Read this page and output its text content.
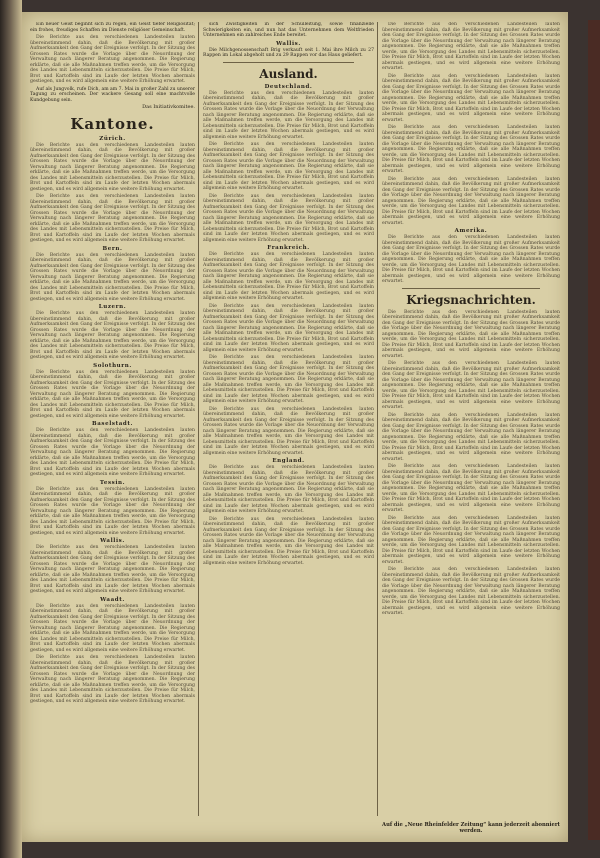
Ein neuer Geist beginnt sich zu regen, ein Geist tiefer Religiosität; ein frohes, freudiges Schaffen im Dienste religiöser Gemeinschaft.

Die Berichte aus den verschiedenen Landesteilen lauten übereinstimmend dahin, daß die Bevölkerung mit großer Aufmerksamkeit den Gang der Ereignisse verfolgt. In der Sitzung des Grossen Rates wurde die Vorlage über die Neuordnung der Verwaltung nach längerer Beratung angenommen. Die Regierung erklärte, daß sie alle Maßnahmen treffen werde, um die Versorgung des Landes mit Lebensmitteln sicherzustellen. Die Preise für Milch, Brot und Kartoffeln sind im Laufe der letzten Wochen abermals gestiegen, und es wird allgemein eine weitere Erhöhung erwartet.

Auf als Jungvolk, rufe Dich, am am 7. Mai in großer Zahl zu unserer Tagung zu erscheinen. Der wackere Gesang soll eine machtvolle Kundgebung sein.

Das Initiativkomitee.
Kantone.
Zürich.

Die Berichte aus den verschiedenen Landesteilen lauten übereinstimmend dahin, daß die Bevölkerung mit großer Aufmerksamkeit den Gang der Ereignisse verfolgt. In der Sitzung des Grossen Rates wurde die Vorlage über die Neuordnung der Verwaltung nach längerer Beratung angenommen. Die Regierung erklärte, daß sie alle Maßnahmen treffen werde, um die Versorgung des Landes mit Lebensmitteln sicherzustellen. Die Preise für Milch, Brot und Kartoffeln sind im Laufe der letzten Wochen abermals gestiegen, und es wird allgemein eine weitere Erhöhung erwartet.

Die Berichte aus den verschiedenen Landesteilen lauten übereinstimmend dahin, daß die Bevölkerung mit großer Aufmerksamkeit den Gang der Ereignisse verfolgt. In der Sitzung des Grossen Rates wurde die Vorlage über die Neuordnung der Verwaltung nach längerer Beratung angenommen. Die Regierung erklärte, daß sie alle Maßnahmen treffen werde, um die Versorgung des Landes mit Lebensmitteln sicherzustellen. Die Preise für Milch, Brot und Kartoffeln sind im Laufe der letzten Wochen abermals gestiegen, und es wird allgemein eine weitere Erhöhung erwartet.

Bern.

Die Berichte aus den verschiedenen Landesteilen lauten übereinstimmend dahin, daß die Bevölkerung mit großer Aufmerksamkeit den Gang der Ereignisse verfolgt. In der Sitzung des Grossen Rates wurde die Vorlage über die Neuordnung der Verwaltung nach längerer Beratung angenommen. Die Regierung erklärte, daß sie alle Maßnahmen treffen werde, um die Versorgung des Landes mit Lebensmitteln sicherzustellen. Die Preise für Milch, Brot und Kartoffeln sind im Laufe der letzten Wochen abermals gestiegen, und es wird allgemein eine weitere Erhöhung erwartet.

Luzern.

Die Berichte aus den verschiedenen Landesteilen lauten übereinstimmend dahin, daß die Bevölkerung mit großer Aufmerksamkeit den Gang der Ereignisse verfolgt. In der Sitzung des Grossen Rates wurde die Vorlage über die Neuordnung der Verwaltung nach längerer Beratung angenommen. Die Regierung erklärte, daß sie alle Maßnahmen treffen werde, um die Versorgung des Landes mit Lebensmitteln sicherzustellen. Die Preise für Milch, Brot und Kartoffeln sind im Laufe der letzten Wochen abermals gestiegen, und es wird allgemein eine weitere Erhöhung erwartet.

Solothurn.

Die Berichte aus den verschiedenen Landesteilen lauten übereinstimmend dahin, daß die Bevölkerung mit großer Aufmerksamkeit den Gang der Ereignisse verfolgt. In der Sitzung des Grossen Rates wurde die Vorlage über die Neuordnung der Verwaltung nach längerer Beratung angenommen. Die Regierung erklärte, daß sie alle Maßnahmen treffen werde, um die Versorgung des Landes mit Lebensmitteln sicherzustellen. Die Preise für Milch, Brot und Kartoffeln sind im Laufe der letzten Wochen abermals gestiegen, und es wird allgemein eine weitere Erhöhung erwartet.

Baselstadt.

Die Berichte aus den verschiedenen Landesteilen lauten übereinstimmend dahin, daß die Bevölkerung mit großer Aufmerksamkeit den Gang der Ereignisse verfolgt. In der Sitzung des Grossen Rates wurde die Vorlage über die Neuordnung der Verwaltung nach längerer Beratung angenommen. Die Regierung erklärte, daß sie alle Maßnahmen treffen werde, um die Versorgung des Landes mit Lebensmitteln sicherzustellen. Die Preise für Milch, Brot und Kartoffeln sind im Laufe der letzten Wochen abermals gestiegen, und es wird allgemein eine weitere Erhöhung erwartet.

Tessin.

Die Berichte aus den verschiedenen Landesteilen lauten übereinstimmend dahin, daß die Bevölkerung mit großer Aufmerksamkeit den Gang der Ereignisse verfolgt. In der Sitzung des Grossen Rates wurde die Vorlage über die Neuordnung der Verwaltung nach längerer Beratung angenommen. Die Regierung erklärte, daß sie alle Maßnahmen treffen werde, um die Versorgung des Landes mit Lebensmitteln sicherzustellen. Die Preise für Milch, Brot und Kartoffeln sind im Laufe der letzten Wochen abermals gestiegen, und es wird allgemein eine weitere Erhöhung erwartet.

Wallis.

Die Berichte aus den verschiedenen Landesteilen lauten übereinstimmend dahin, daß die Bevölkerung mit großer Aufmerksamkeit den Gang der Ereignisse verfolgt. In der Sitzung des Grossen Rates wurde die Vorlage über die Neuordnung der Verwaltung nach längerer Beratung angenommen. Die Regierung erklärte, daß sie alle Maßnahmen treffen werde, um die Versorgung des Landes mit Lebensmitteln sicherzustellen. Die Preise für Milch, Brot und Kartoffeln sind im Laufe der letzten Wochen abermals gestiegen, und es wird allgemein eine weitere Erhöhung erwartet.

Waadt.

Die Berichte aus den verschiedenen Landesteilen lauten übereinstimmend dahin, daß die Bevölkerung mit großer Aufmerksamkeit den Gang der Ereignisse verfolgt. In der Sitzung des Grossen Rates wurde die Vorlage über die Neuordnung der Verwaltung nach längerer Beratung angenommen. Die Regierung erklärte, daß sie alle Maßnahmen treffen werde, um die Versorgung des Landes mit Lebensmitteln sicherzustellen. Die Preise für Milch, Brot und Kartoffeln sind im Laufe der letzten Wochen abermals gestiegen, und es wird allgemein eine weitere Erhöhung erwartet.

Die Berichte aus den verschiedenen Landesteilen lauten übereinstimmend dahin, daß die Bevölkerung mit großer Aufmerksamkeit den Gang der Ereignisse verfolgt. In der Sitzung des Grossen Rates wurde die Vorlage über die Neuordnung der Verwaltung nach längerer Beratung angenommen. Die Regierung erklärte, daß sie alle Maßnahmen treffen werde, um die Versorgung des Landes mit Lebensmitteln sicherzustellen. Die Preise für Milch, Brot und Kartoffeln sind im Laufe der letzten Wochen abermals gestiegen, und es wird allgemein eine weitere Erhöhung erwartet.

sich Zwistigkeiten in der Schulleitung, sowie finanzielle Schwierigkeiten ein, und nun hat das Unternehmen dem Weltfrieden Unternehmen ein zahlreiches Ende bereitet.

Wallis.

Die Milchgenossenschaft Brig verkauft seit 1. Mai ihre Milch zu 27 Rappen im Lokal abgeholt und zu 29 Rappen vor das Haus geliefert.

Ausland.
Deutschland.

Die Berichte aus den verschiedenen Landesteilen lauten übereinstimmend dahin, daß die Bevölkerung mit großer Aufmerksamkeit den Gang der Ereignisse verfolgt. In der Sitzung des Grossen Rates wurde die Vorlage über die Neuordnung der Verwaltung nach längerer Beratung angenommen. Die Regierung erklärte, daß sie alle Maßnahmen treffen werde, um die Versorgung des Landes mit Lebensmitteln sicherzustellen. Die Preise für Milch, Brot und Kartoffeln sind im Laufe der letzten Wochen abermals gestiegen, und es wird allgemein eine weitere Erhöhung erwartet.

Die Berichte aus den verschiedenen Landesteilen lauten übereinstimmend dahin, daß die Bevölkerung mit großer Aufmerksamkeit den Gang der Ereignisse verfolgt. In der Sitzung des Grossen Rates wurde die Vorlage über die Neuordnung der Verwaltung nach längerer Beratung angenommen. Die Regierung erklärte, daß sie alle Maßnahmen treffen werde, um die Versorgung des Landes mit Lebensmitteln sicherzustellen. Die Preise für Milch, Brot und Kartoffeln sind im Laufe der letzten Wochen abermals gestiegen, und es wird allgemein eine weitere Erhöhung erwartet.

Die Berichte aus den verschiedenen Landesteilen lauten übereinstimmend dahin, daß die Bevölkerung mit großer Aufmerksamkeit den Gang der Ereignisse verfolgt. In der Sitzung des Grossen Rates wurde die Vorlage über die Neuordnung der Verwaltung nach längerer Beratung angenommen. Die Regierung erklärte, daß sie alle Maßnahmen treffen werde, um die Versorgung des Landes mit Lebensmitteln sicherzustellen. Die Preise für Milch, Brot und Kartoffeln sind im Laufe der letzten Wochen abermals gestiegen, und es wird allgemein eine weitere Erhöhung erwartet.

Frankreich.

Die Berichte aus den verschiedenen Landesteilen lauten übereinstimmend dahin, daß die Bevölkerung mit großer Aufmerksamkeit den Gang der Ereignisse verfolgt. In der Sitzung des Grossen Rates wurde die Vorlage über die Neuordnung der Verwaltung nach längerer Beratung angenommen. Die Regierung erklärte, daß sie alle Maßnahmen treffen werde, um die Versorgung des Landes mit Lebensmitteln sicherzustellen. Die Preise für Milch, Brot und Kartoffeln sind im Laufe der letzten Wochen abermals gestiegen, und es wird allgemein eine weitere Erhöhung erwartet.

Die Berichte aus den verschiedenen Landesteilen lauten übereinstimmend dahin, daß die Bevölkerung mit großer Aufmerksamkeit den Gang der Ereignisse verfolgt. In der Sitzung des Grossen Rates wurde die Vorlage über die Neuordnung der Verwaltung nach längerer Beratung angenommen. Die Regierung erklärte, daß sie alle Maßnahmen treffen werde, um die Versorgung des Landes mit Lebensmitteln sicherzustellen. Die Preise für Milch, Brot und Kartoffeln sind im Laufe der letzten Wochen abermals gestiegen, und es wird allgemein eine weitere Erhöhung erwartet.

Die Berichte aus den verschiedenen Landesteilen lauten übereinstimmend dahin, daß die Bevölkerung mit großer Aufmerksamkeit den Gang der Ereignisse verfolgt. In der Sitzung des Grossen Rates wurde die Vorlage über die Neuordnung der Verwaltung nach längerer Beratung angenommen. Die Regierung erklärte, daß sie alle Maßnahmen treffen werde, um die Versorgung des Landes mit Lebensmitteln sicherzustellen. Die Preise für Milch, Brot und Kartoffeln sind im Laufe der letzten Wochen abermals gestiegen, und es wird allgemein eine weitere Erhöhung erwartet.

Die Berichte aus den verschiedenen Landesteilen lauten übereinstimmend dahin, daß die Bevölkerung mit großer Aufmerksamkeit den Gang der Ereignisse verfolgt. In der Sitzung des Grossen Rates wurde die Vorlage über die Neuordnung der Verwaltung nach längerer Beratung angenommen. Die Regierung erklärte, daß sie alle Maßnahmen treffen werde, um die Versorgung des Landes mit Lebensmitteln sicherzustellen. Die Preise für Milch, Brot und Kartoffeln sind im Laufe der letzten Wochen abermals gestiegen, und es wird allgemein eine weitere Erhöhung erwartet.

England.

Die Berichte aus den verschiedenen Landesteilen lauten übereinstimmend dahin, daß die Bevölkerung mit großer Aufmerksamkeit den Gang der Ereignisse verfolgt. In der Sitzung des Grossen Rates wurde die Vorlage über die Neuordnung der Verwaltung nach längerer Beratung angenommen. Die Regierung erklärte, daß sie alle Maßnahmen treffen werde, um die Versorgung des Landes mit Lebensmitteln sicherzustellen. Die Preise für Milch, Brot und Kartoffeln sind im Laufe der letzten Wochen abermals gestiegen, und es wird allgemein eine weitere Erhöhung erwartet.

Die Berichte aus den verschiedenen Landesteilen lauten übereinstimmend dahin, daß die Bevölkerung mit großer Aufmerksamkeit den Gang der Ereignisse verfolgt. In der Sitzung des Grossen Rates wurde die Vorlage über die Neuordnung der Verwaltung nach längerer Beratung angenommen. Die Regierung erklärte, daß sie alle Maßnahmen treffen werde, um die Versorgung des Landes mit Lebensmitteln sicherzustellen. Die Preise für Milch, Brot und Kartoffeln sind im Laufe der letzten Wochen abermals gestiegen, und es wird allgemein eine weitere Erhöhung erwartet.

Die Berichte aus den verschiedenen Landesteilen lauten übereinstimmend dahin, daß die Bevölkerung mit großer Aufmerksamkeit den Gang der Ereignisse verfolgt. In der Sitzung des Grossen Rates wurde die Vorlage über die Neuordnung der Verwaltung nach längerer Beratung angenommen. Die Regierung erklärte, daß sie alle Maßnahmen treffen werde, um die Versorgung des Landes mit Lebensmitteln sicherzustellen. Die Preise für Milch, Brot und Kartoffeln sind im Laufe der letzten Wochen abermals gestiegen, und es wird allgemein eine weitere Erhöhung erwartet.

Die Berichte aus den verschiedenen Landesteilen lauten übereinstimmend dahin, daß die Bevölkerung mit großer Aufmerksamkeit den Gang der Ereignisse verfolgt. In der Sitzung des Grossen Rates wurde die Vorlage über die Neuordnung der Verwaltung nach längerer Beratung angenommen. Die Regierung erklärte, daß sie alle Maßnahmen treffen werde, um die Versorgung des Landes mit Lebensmitteln sicherzustellen. Die Preise für Milch, Brot und Kartoffeln sind im Laufe der letzten Wochen abermals gestiegen, und es wird allgemein eine weitere Erhöhung erwartet.

Die Berichte aus den verschiedenen Landesteilen lauten übereinstimmend dahin, daß die Bevölkerung mit großer Aufmerksamkeit den Gang der Ereignisse verfolgt. In der Sitzung des Grossen Rates wurde die Vorlage über die Neuordnung der Verwaltung nach längerer Beratung angenommen. Die Regierung erklärte, daß sie alle Maßnahmen treffen werde, um die Versorgung des Landes mit Lebensmitteln sicherzustellen. Die Preise für Milch, Brot und Kartoffeln sind im Laufe der letzten Wochen abermals gestiegen, und es wird allgemein eine weitere Erhöhung erwartet.

Die Berichte aus den verschiedenen Landesteilen lauten übereinstimmend dahin, daß die Bevölkerung mit großer Aufmerksamkeit den Gang der Ereignisse verfolgt. In der Sitzung des Grossen Rates wurde die Vorlage über die Neuordnung der Verwaltung nach längerer Beratung angenommen. Die Regierung erklärte, daß sie alle Maßnahmen treffen werde, um die Versorgung des Landes mit Lebensmitteln sicherzustellen. Die Preise für Milch, Brot und Kartoffeln sind im Laufe der letzten Wochen abermals gestiegen, und es wird allgemein eine weitere Erhöhung erwartet.

Amerika.

Die Berichte aus den verschiedenen Landesteilen lauten übereinstimmend dahin, daß die Bevölkerung mit großer Aufmerksamkeit den Gang der Ereignisse verfolgt. In der Sitzung des Grossen Rates wurde die Vorlage über die Neuordnung der Verwaltung nach längerer Beratung angenommen. Die Regierung erklärte, daß sie alle Maßnahmen treffen werde, um die Versorgung des Landes mit Lebensmitteln sicherzustellen. Die Preise für Milch, Brot und Kartoffeln sind im Laufe der letzten Wochen abermals gestiegen, und es wird allgemein eine weitere Erhöhung erwartet.

Kriegsnachrichten.

Die Berichte aus den verschiedenen Landesteilen lauten übereinstimmend dahin, daß die Bevölkerung mit großer Aufmerksamkeit den Gang der Ereignisse verfolgt. In der Sitzung des Grossen Rates wurde die Vorlage über die Neuordnung der Verwaltung nach längerer Beratung angenommen. Die Regierung erklärte, daß sie alle Maßnahmen treffen werde, um die Versorgung des Landes mit Lebensmitteln sicherzustellen. Die Preise für Milch, Brot und Kartoffeln sind im Laufe der letzten Wochen abermals gestiegen, und es wird allgemein eine weitere Erhöhung erwartet.

Die Berichte aus den verschiedenen Landesteilen lauten übereinstimmend dahin, daß die Bevölkerung mit großer Aufmerksamkeit den Gang der Ereignisse verfolgt. In der Sitzung des Grossen Rates wurde die Vorlage über die Neuordnung der Verwaltung nach längerer Beratung angenommen. Die Regierung erklärte, daß sie alle Maßnahmen treffen werde, um die Versorgung des Landes mit Lebensmitteln sicherzustellen. Die Preise für Milch, Brot und Kartoffeln sind im Laufe der letzten Wochen abermals gestiegen, und es wird allgemein eine weitere Erhöhung erwartet.

Die Berichte aus den verschiedenen Landesteilen lauten übereinstimmend dahin, daß die Bevölkerung mit großer Aufmerksamkeit den Gang der Ereignisse verfolgt. In der Sitzung des Grossen Rates wurde die Vorlage über die Neuordnung der Verwaltung nach längerer Beratung angenommen. Die Regierung erklärte, daß sie alle Maßnahmen treffen werde, um die Versorgung des Landes mit Lebensmitteln sicherzustellen. Die Preise für Milch, Brot und Kartoffeln sind im Laufe der letzten Wochen abermals gestiegen, und es wird allgemein eine weitere Erhöhung erwartet.

Die Berichte aus den verschiedenen Landesteilen lauten übereinstimmend dahin, daß die Bevölkerung mit großer Aufmerksamkeit den Gang der Ereignisse verfolgt. In der Sitzung des Grossen Rates wurde die Vorlage über die Neuordnung der Verwaltung nach längerer Beratung angenommen. Die Regierung erklärte, daß sie alle Maßnahmen treffen werde, um die Versorgung des Landes mit Lebensmitteln sicherzustellen. Die Preise für Milch, Brot und Kartoffeln sind im Laufe der letzten Wochen abermals gestiegen, und es wird allgemein eine weitere Erhöhung erwartet.

Die Berichte aus den verschiedenen Landesteilen lauten übereinstimmend dahin, daß die Bevölkerung mit großer Aufmerksamkeit den Gang der Ereignisse verfolgt. In der Sitzung des Grossen Rates wurde die Vorlage über die Neuordnung der Verwaltung nach längerer Beratung angenommen. Die Regierung erklärte, daß sie alle Maßnahmen treffen werde, um die Versorgung des Landes mit Lebensmitteln sicherzustellen. Die Preise für Milch, Brot und Kartoffeln sind im Laufe der letzten Wochen abermals gestiegen, und es wird allgemein eine weitere Erhöhung erwartet.

Die Berichte aus den verschiedenen Landesteilen lauten übereinstimmend dahin, daß die Bevölkerung mit großer Aufmerksamkeit den Gang der Ereignisse verfolgt. In der Sitzung des Grossen Rates wurde die Vorlage über die Neuordnung der Verwaltung nach längerer Beratung angenommen. Die Regierung erklärte, daß sie alle Maßnahmen treffen werde, um die Versorgung des Landes mit Lebensmitteln sicherzustellen. Die Preise für Milch, Brot und Kartoffeln sind im Laufe der letzten Wochen abermals gestiegen, und es wird allgemein eine weitere Erhöhung erwartet.

Auf die „Neue Rheinfelder Zeitung“ kann jederzeit abonniert werden.
